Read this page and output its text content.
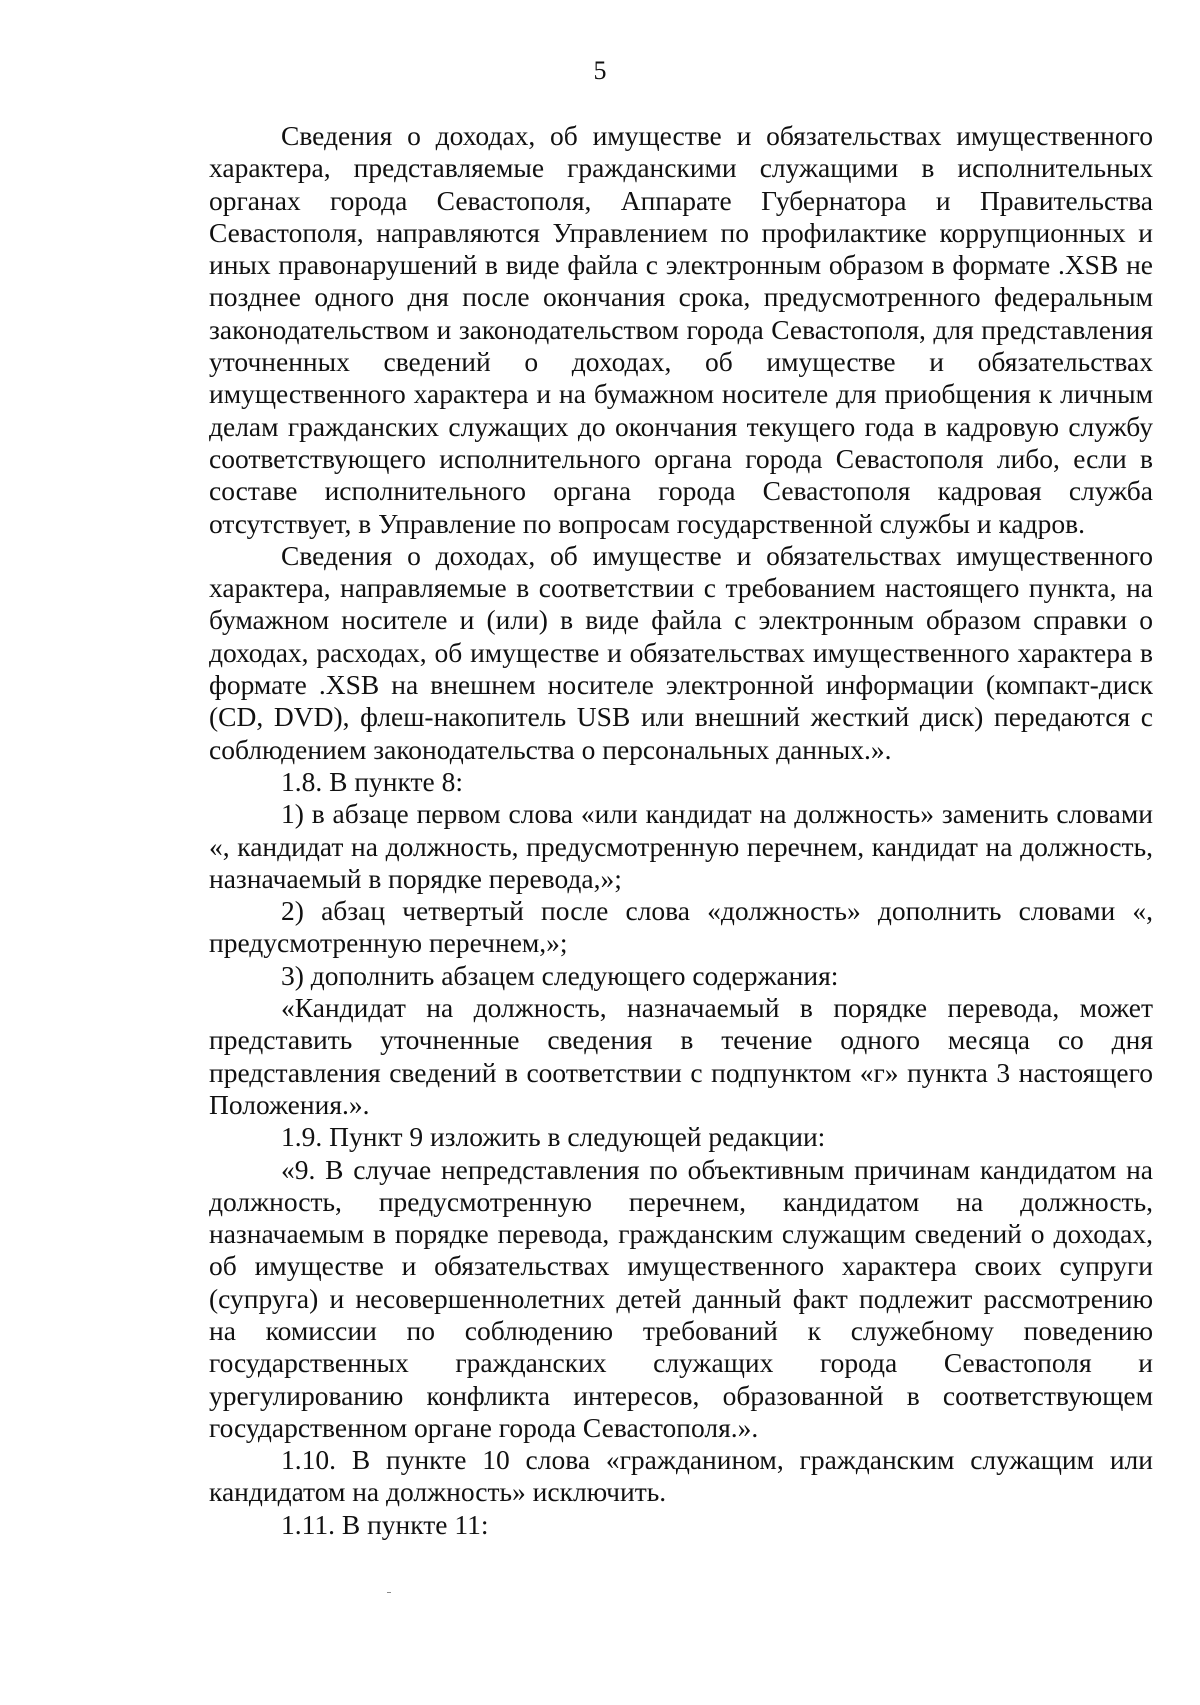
5

Сведения о доходах, об имуществе и обязательствах имущественного характера, представляемые гражданскими служащими в исполнительных органах города Севастополя, Аппарате Губернатора и Правительства Севастополя, направляются Управлением по профилактике коррупционных и иных правонарушений в виде файла с электронным образом в формате .XSB не позднее одного дня после окончания срока, предусмотренного федеральным законодательством и законодательством города Севастополя, для представления уточненных сведений о доходах, об имуществе и обязательствах имущественного характера и на бумажном носителе для приобщения к личным делам гражданских служащих до окончания текущего года в кадровую службу соответствующего исполнительного органа города Севастополя либо, если в составе исполнительного органа города Севастополя кадровая служба отсутствует, в Управление по вопросам государственной службы и кадров.

Сведения о доходах, об имуществе и обязательствах имущественного характера, направляемые в соответствии с требованием настоящего пункта, на бумажном носителе и (или) в виде файла с электронным образом справки о доходах, расходах, об имуществе и обязательствах имущественного характера в формате .XSB на внешнем носителе электронной информации (компакт-диск (CD, DVD), флеш-накопитель USB или внешний жесткий диск) передаются с соблюдением законодательства о персональных данных.».

1.8. В пункте 8:

1) в абзаце первом слова «или кандидат на должность» заменить словами «, кандидат на должность, предусмотренную перечнем, кандидат на должность, назначаемый в порядке перевода,»;

2) абзац четвертый после слова «должность» дополнить словами «, предусмотренную перечнем,»;

3) дополнить абзацем следующего содержания:

«Кандидат на должность, назначаемый в порядке перевода, может представить уточненные сведения в течение одного месяца со дня представления сведений в соответствии с подпунктом «г» пункта 3 настоящего Положения.».

1.9. Пункт 9 изложить в следующей редакции:

«9. В случае непредставления по объективным причинам кандидатом на должность, предусмотренную перечнем, кандидатом на должность, назначаемым в порядке перевода, гражданским служащим сведений о доходах, об имуществе и обязательствах имущественного характера своих супруги (супруга) и несовершеннолетних детей данный факт подлежит рассмотрению на комиссии по соблюдению требований к служебному поведению государственных гражданских служащих города Севастополя и урегулированию конфликта интересов, образованной в соответствующем государственном органе города Севастополя.».

1.10. В пункте 10 слова «гражданином, гражданским служащим или кандидатом на должность» исключить.

1.11. В пункте 11:
